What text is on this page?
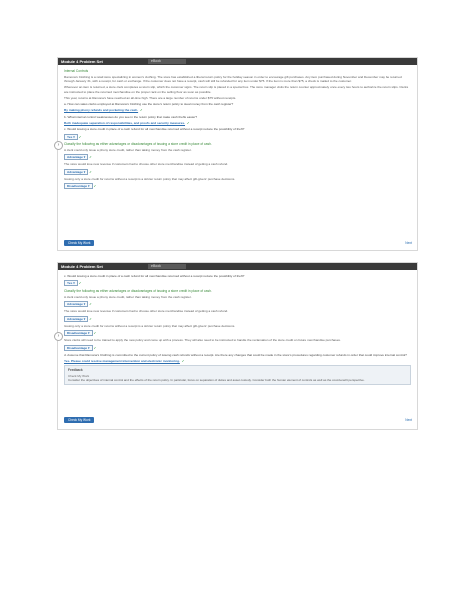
Module 4 Problem Set	eBook

Internal Controls

Ramona's Clothing is a retail store specializing in women's clothing. The store has established a liberal return policy for the holiday season in order to encourage gift purchases. Any item purchased during November and December may be returned through January 31, with a receipt, for cash or exchange. If the customer does not have a receipt, cash will still be refunded for any item under $75. If the item is more than $75, a check is mailed to the customer.

Whenever an item is returned, a store clerk completes a return slip, which the customer signs. The return slip is placed in a special box. The store manager visits the return counter approximately once every two hours to authorize the return slips. Clerks are instructed to place the returned merchandise on the proper rack on the selling floor as soon as possible.

This year, returns at Ramona's have reached an all-time high. There are a large number of returns under $75 without receipts.

a. How can sales clerks employed at Ramona's Clothing use the store's return policy to steal money from the cash register?

By making phony refunds and pocketing the cash. ✓

b. What internal control weaknesses do you see in the return policy that make cash thefts easier?

Both inadequate separation of responsibilities, and proofs and security measures. ✓

c. Would issuing a store credit in place of a cash refund for all merchandise returned without a receipt reduce the possibility of theft?

Yes ▾ ✓

Classify the following as either advantages or disadvantages of issuing a store credit in place of cash.

A clerk could only issue a phony store credit, rather than taking money from the cash register.

Advantage ▾ ✓

The store would lose new revenue if customers had to choose other store merchandise instead of getting a cash refund.

Advantage ▾ ✓

Issuing only a store credit for returns without a receipt is a stricter return policy that may affect gift-givers' purchase decisions.

Disadvantage ▾ ✓

Check My Work	Next
›
Module 4 Problem Set	eBook

c. Would issuing a store credit in place of a cash refund for all merchandise returned without a receipt reduce the possibility of theft?

Yes ▾ ✓

Classify the following as either advantages or disadvantages of issuing a store credit in place of cash.

A clerk could only issue a phony store credit, rather than taking money from the cash register.

Advantage ▾ ✓

The store would lose new revenue if customers had to choose other store merchandise instead of getting a cash refund.

Advantage ▾ ✓

Issuing only a store credit for returns without a receipt is a stricter return policy that may affect gift-givers' purchase decisions.

Disadvantage ▾ ✓

Store clerks will need to be trained to apply the new policy and come up with a process. They will also need to be instructed to handle the reclamation of the store credit on future merchandise purchases.

Disadvantage ▾ ✓

d. Assume that Ramona's Clothing is committed to the current policy of issuing cash refunds without a receipt. Are there any changes that could be made in the store's procedures regarding customer refunds in order that could improve internal control?

Yes. Please could resolve management intervention and electronic monitoring. ✓

Feedback
Check My Work
Consider the objectives of internal control and the effects of the return policy. In particular, focus on separation of duties and asset custody. Consider both the human element of controls as well as the cost-benefit perspective.
Check My Work	Next
›
